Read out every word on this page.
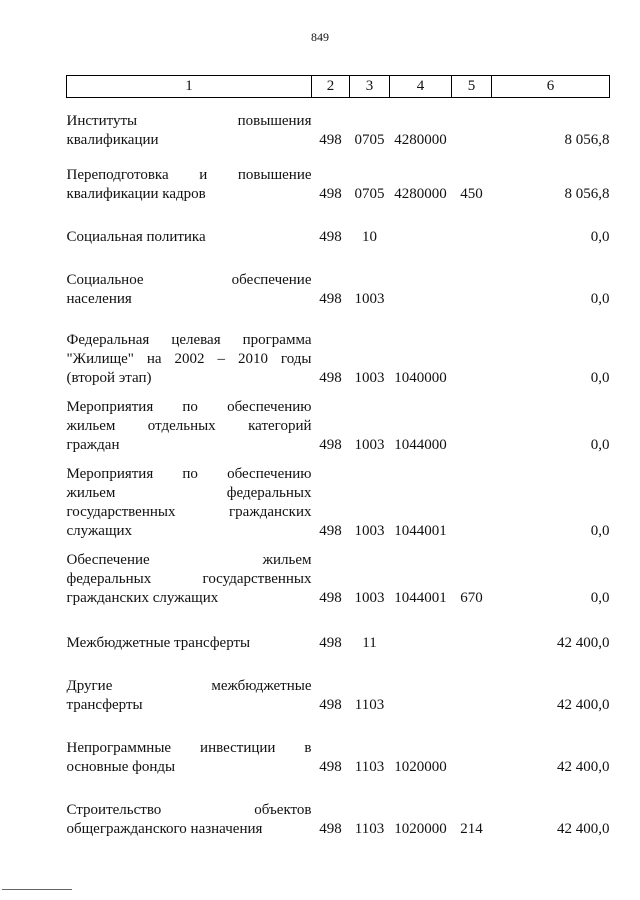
849
1	2	3	4	5	6

Институты повышения
квалификации	498	0705	4280000		8 056,8

Переподготовка и повышение
квалификации кадров	498	0705	4280000	450	8 056,8

Социальная политика	498	10			0,0

Социальное обеспечение
населения	498	1003			0,0

Федеральная целевая программа
"Жилище" на 2002 – 2010 годы
(второй этап)	498	1003	1040000		0,0

Мероприятия по обеспечению
жильем отдельных категорий
граждан	498	1003	1044000		0,0

Мероприятия по обеспечению
жильем федеральных
государственных гражданских
служащих	498	1003	1044001		0,0

Обеспечение жильем
федеральных государственных
гражданских служащих	498	1003	1044001	670	0,0

Межбюджетные трансферты	498	11			42 400,0

Другие межбюджетные
трансферты	498	1103			42 400,0

Непрограммные инвестиции в
основные фонды	498	1103	1020000		42 400,0

Строительство объектов
общегражданского назначения	498	1103	1020000	214	42 400,0
